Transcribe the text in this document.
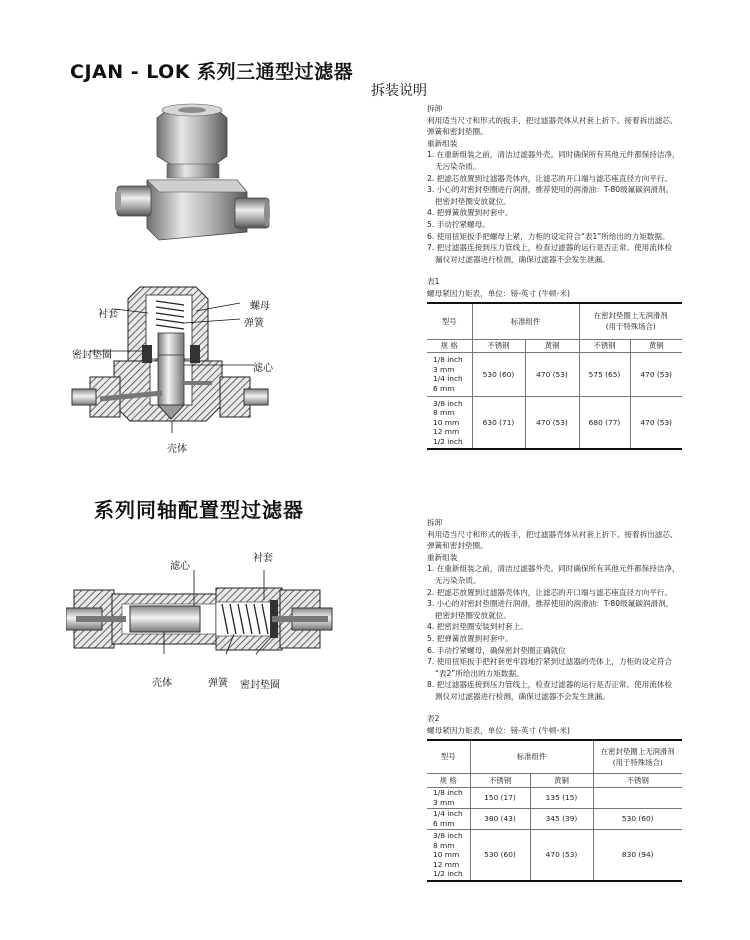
CJAN - LOK 系列三通型过滤器
拆装说明
衬套
螺母
弹簧
密封垫圈
滤心
壳体
拆卸
利用适当尺寸和形式的扳手，把过滤器壳体从衬套上折下。接着拆出滤芯、
弹簧和密封垫圈。
重新组装
1. 在重新组装之前，清洁过滤器外壳。同时确保所有其他元件都保持洁净，
无污染杂质。
2. 把滤芯放置到过滤器壳体内，让滤芯的开口端与滤芯座直径方向平行。
3. 小心的对密封垫圈进行润滑，推荐使用的润滑油：T-80级氟碳润滑剂。
把密封垫圈安放就位。
4. 把弹簧放置到衬套中。
5. 手动拧紧螺母。
6. 使用扭矩扳手把螺母上紧，力柜的设定符合“表1”所给出的力矩数据。
7. 把过滤器连接到压力管线上，检查过滤器的运行是否正常。使用流体检
漏仪对过滤器进行检测，确保过滤器不会发生泄漏。
表1
螺母紧因力矩表，单位：镑-英寸 (牛顿-米)
型号	标准组件		在密封垫圈上无润滑剂
(用于特殊场合)	

规 格	不锈钢	黄铜	不锈钢	黄铜

1/8 inch
3 mm
1/4 inch
6 mm	530 (60)	470 (53)	575 (65)	470 (53)

3/8 inch
8 mm
10 mm
12 mm
1/2 inch	630 (71)	470 (53)	680 (77)	470 (53)
系列同轴配置型过滤器
滤心
衬套
壳体	弹簧 密封垫圈
拆卸
利用适当尺寸和形式的扳手，把过滤器壳体从衬套上折下。接着拆出滤芯、
弹簧和密封垫圈。
重新组装
1. 在重新组装之前，清洁过滤器外壳。同时确保所有其他元件都保持洁净，
无污染杂质。
2. 把滤芯放置到过滤器壳体内，让滤芯的开口端与滤芯座直径方向平行。
3. 小心的对密封垫圈进行润滑，推荐使用的润滑油：T-80级氟碳润滑剂。
把密封垫圈安放就位。
4. 把密封垫圈安装到衬套上。
5. 把弹簧放置到衬套中。
6. 手动拧紧螺母，确保密封垫圈正确就位
7. 使用扭矩扳手把衬套更牢固地拧紧到过滤器的壳体上，力柜的设定符合
“表2”所给出的力矩数据。
8. 把过滤器连接到压力管线上，检查过滤器的运行是否正常。使用流体检
测仪对过滤器进行检测，确保过滤器不会发生泄漏。
表2
螺母紧因力矩表，单位：镑-英寸 (牛顿-米)
型号	标准组件		在密封垫圈上无润滑剂
(用于特殊场合)

规 格	不锈钢	黄铜	不锈钢

1/8 inch
3 mm	150 (17)	135 (15)	

1/4 inch
6 mm	380 (43)	345 (39)	530 (60)

3/8 inch
8 mm
10 mm
12 mm
1/2 inch	530 (60)	470 (53)	830 (94)
